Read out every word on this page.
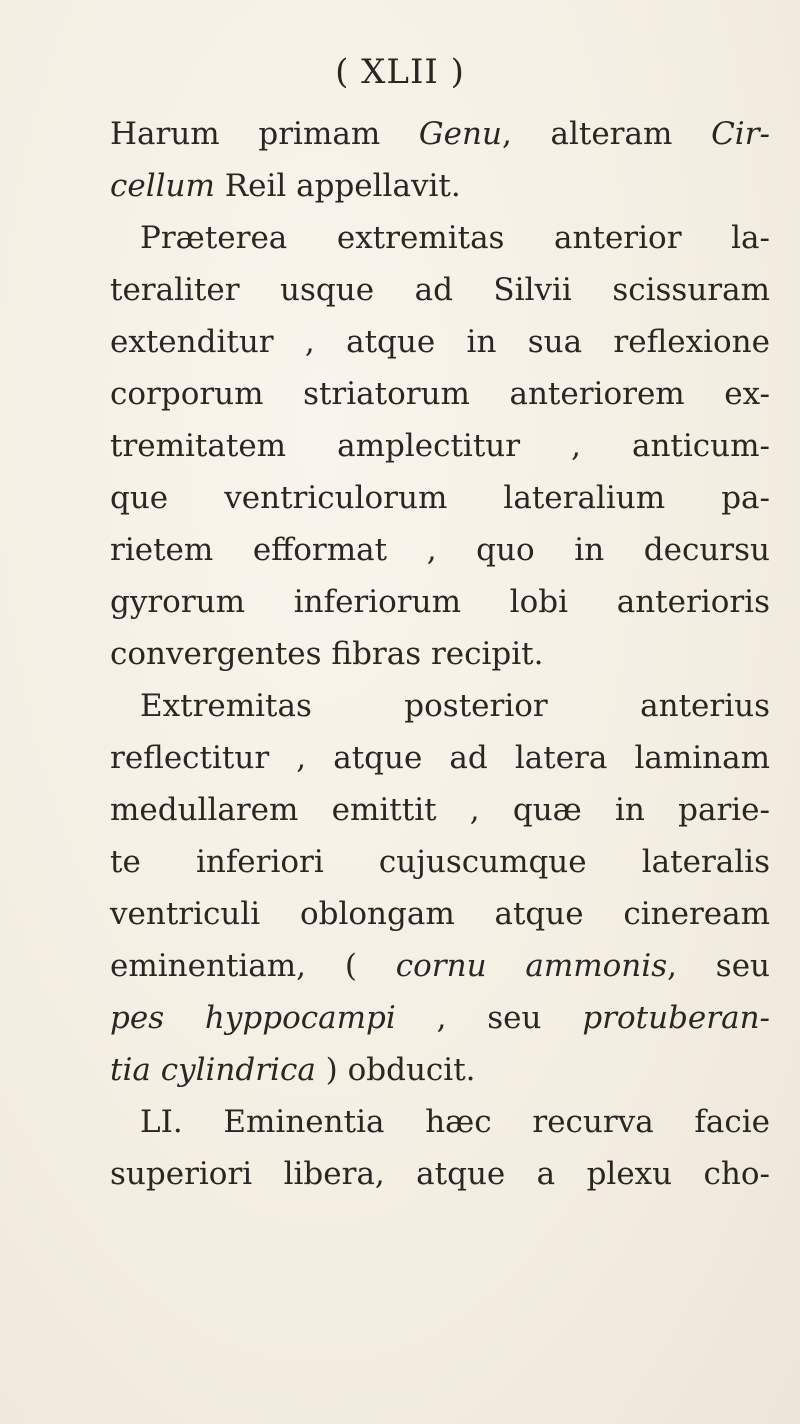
( XLII )
Harum primam Genu, alteram Cir-
cellum Reil appellavit.
Præterea extremitas anterior la-
teraliter usque ad Silvii scissuram
extenditur , atque in sua reflexione
corporum striatorum anteriorem ex-
tremitatem amplectitur , anticum-
que ventriculorum lateralium pa-
rietem efformat , quo in decursu
gyrorum inferiorum lobi anterioris
convergentes fibras recipit.
Extremitas posterior anterius
reflectitur , atque ad latera laminam
medullarem emittit , quæ in parie-
te inferiori cujuscumque lateralis
ventriculi oblongam atque cineream
eminentiam, ( cornu ammonis, seu
pes hyppocampi , seu protuberan-
tia cylindrica ) obducit.
LI. Eminentia hæc recurva facie
superiori libera, atque a plexu cho-
